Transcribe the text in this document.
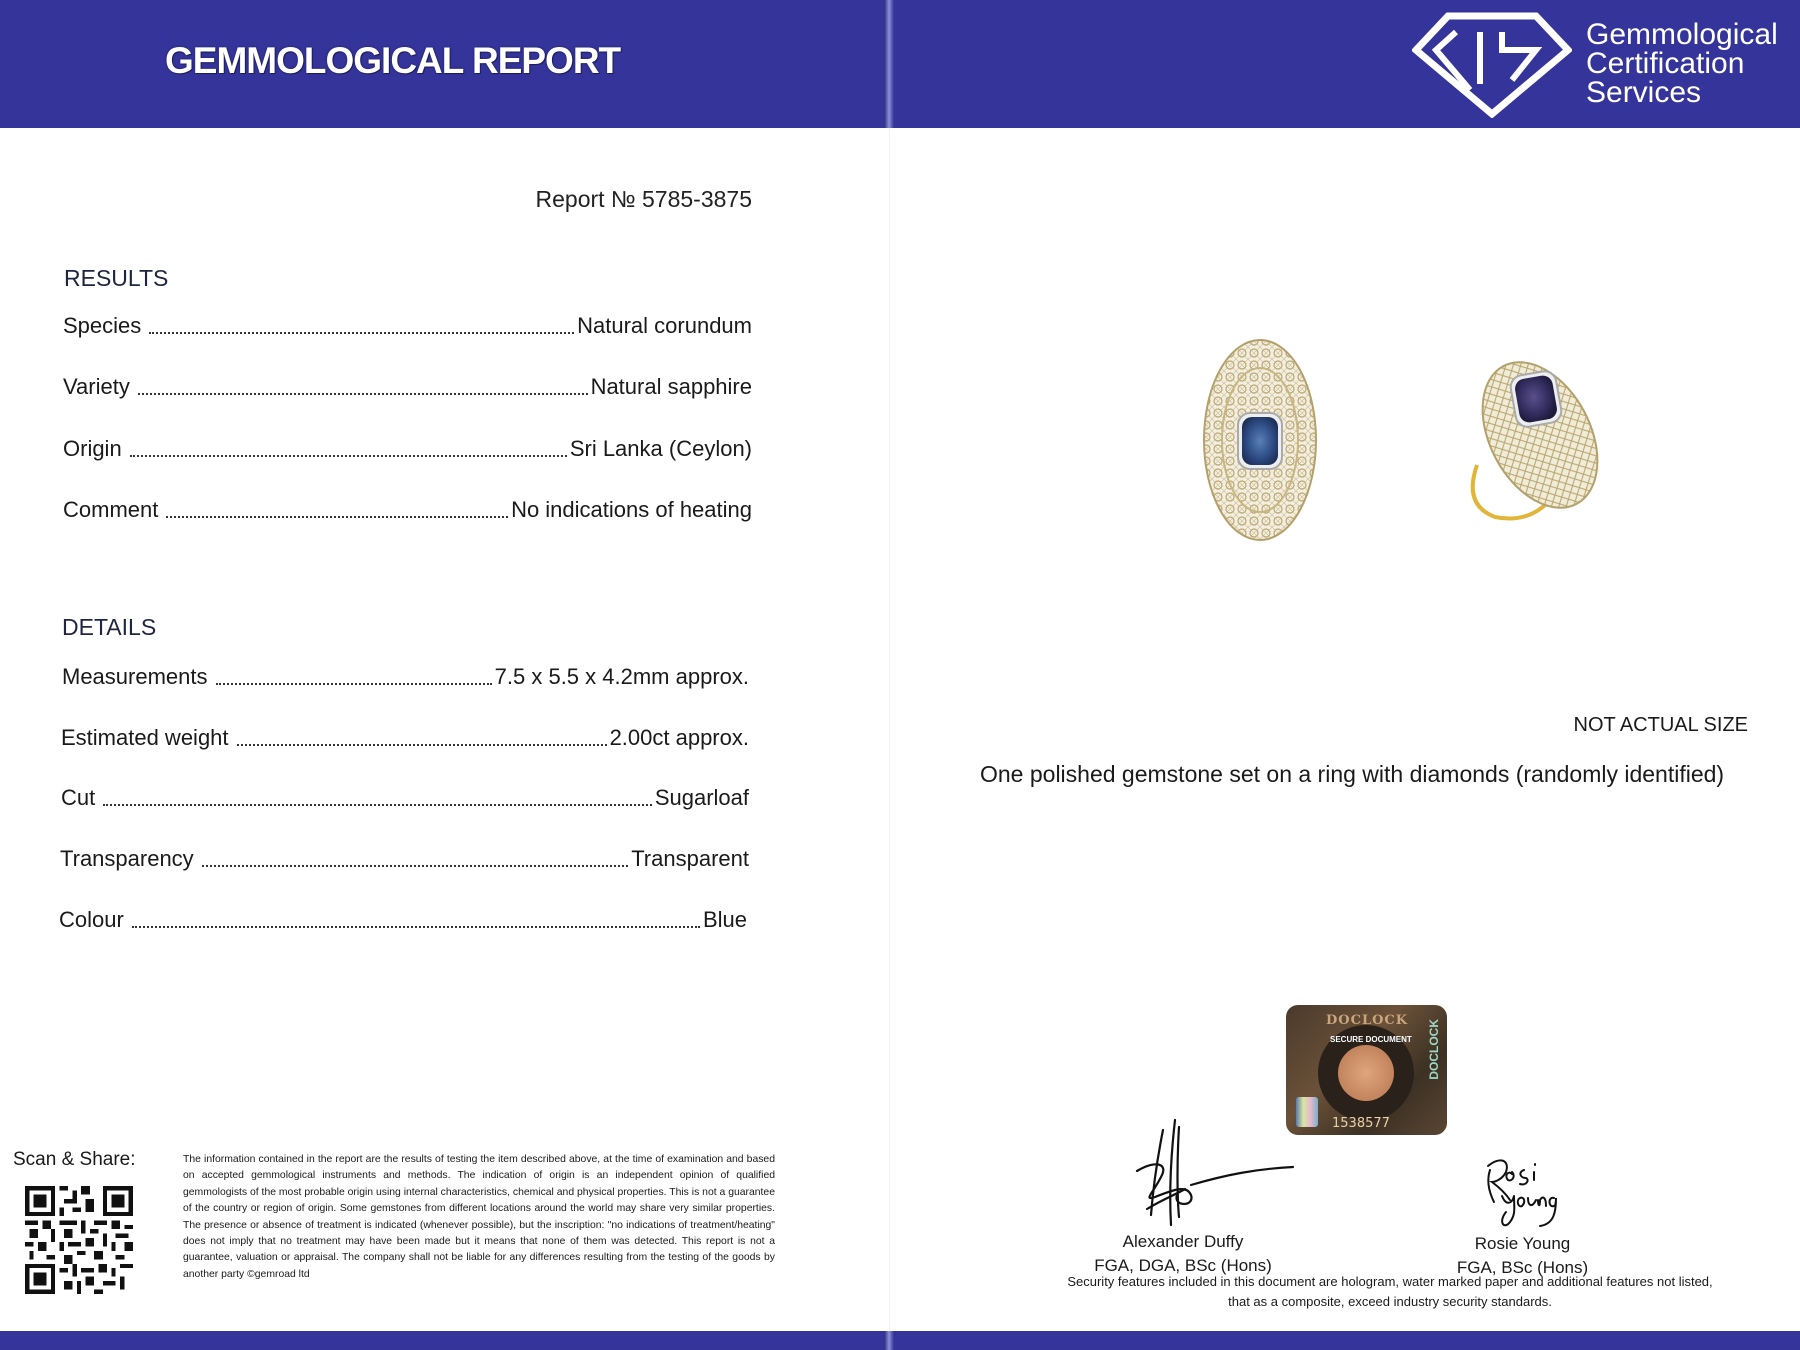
GEMMOLOGICAL REPORT
Gemmological
Certification
Services
Report № 5785-3875
RESULTS
Species	Natural corundum
Variety	Natural sapphire
Origin	Sri Lanka (Ceylon)
Comment	No indications of heating
DETAILS
Measurements	7.5 x 5.5 x 4.2mm approx.
Estimated weight	2.00ct approx.
Cut	Sugarloaf
Transparency	Transparent
Colour	Blue
Scan & Share:	The information contained in the report are the results of testing the item described above, at the time of examination and based on accepted gemmological instruments and methods. The indication of origin is an independent opinion of qualified gemmologists of the most probable origin using internal characteristics, chemical and physical properties. This is not a guarantee of the country or region of origin. Some gemstones from different locations around the world may share very similar properties. The presence or absence of treatment is indicated (whenever possible), but the inscription: "no indications of treatment/heating" does not imply that no treatment may have been made but it means that none of them was detected. This report is not a guarantee, valuation or appraisal. The company shall not be liable for any differences resulting from the testing of the goods by another party ©gemroad ltd
NOT ACTUAL SIZE
One polished gemstone set on a ring with diamonds (randomly identified)
DOCLOCK
SECURE DOCUMENT DOCLOCK
1538577
Alexander Duffy
FGA, DGA, BSc (Hons)
Rosie Young
FGA, BSc (Hons)
Security features included in this document are hologram, water marked paper and additional features not listed, that as a composite, exceed industry security standards.
